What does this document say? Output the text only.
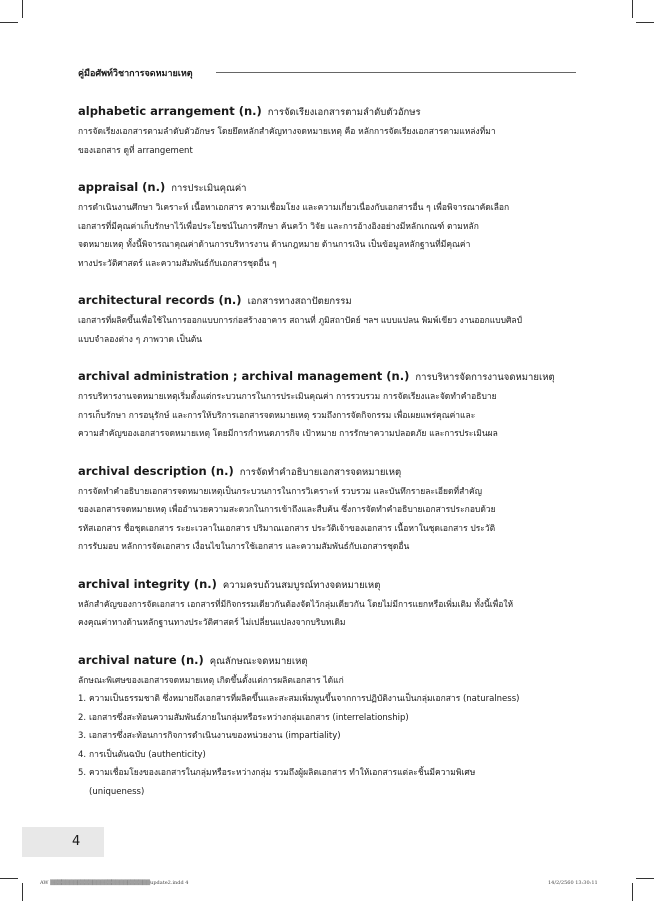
คู่มือศัพท์วิชาการจดหมายเหตุ
alphabetic arrangement (n.) การจัดเรียงเอกสารตามลำดับตัวอักษร
การจัดเรียงเอกสารตามลำดับตัวอักษร โดยยึดหลักสำคัญทางจดหมายเหตุ คือ หลักการจัดเรียงเอกสารตามแหล่งที่มา
ของเอกสาร ดูที่ arrangement
appraisal (n.) การประเมินคุณค่า
การดำเนินงานศึกษา วิเคราะห์ เนื้อหาเอกสาร ความเชื่อมโยง และความเกี่ยวเนื่องกับเอกสารอื่น ๆ เพื่อพิจารณาคัดเลือก
เอกสารที่มีคุณค่าเก็บรักษาไว้เพื่อประโยชน์ในการศึกษา ค้นคว้า วิจัย และการอ้างอิงอย่างมีหลักเกณฑ์ ตามหลัก
จดหมายเหตุ ทั้งนี้พิจารณาคุณค่าด้านการบริหารงาน ด้านกฎหมาย ด้านการเงิน เป็นข้อมูลหลักฐานที่มีคุณค่า
ทางประวัติศาสตร์ และความสัมพันธ์กับเอกสารชุดอื่น ๆ
architectural records (n.) เอกสารทางสถาปัตยกรรม
เอกสารที่ผลิตขึ้นเพื่อใช้ในการออกแบบการก่อสร้างอาคาร สถานที่ ภูมิสถาปัตย์ ฯลฯ แบบแปลน พิมพ์เขียว งานออกแบบศิลป์
แบบจำลองต่าง ๆ ภาพวาด เป็นต้น
archival administration ; archival management (n.) การบริหารจัดการงานจดหมายเหตุ
การบริหารงานจดหมายเหตุเริ่มตั้งแต่กระบวนการในการประเมินคุณค่า การรวบรวม การจัดเรียงและจัดทำคำอธิบาย
การเก็บรักษา การอนุรักษ์ และการให้บริการเอกสารจดหมายเหตุ รวมถึงการจัดกิจกรรม เพื่อเผยแพร่คุณค่าและ
ความสำคัญของเอกสารจดหมายเหตุ โดยมีการกำหนดภารกิจ เป้าหมาย การรักษาความปลอดภัย และการประเมินผล
archival description (n.) การจัดทำคำอธิบายเอกสารจดหมายเหตุ
การจัดทำคำอธิบายเอกสารจดหมายเหตุเป็นกระบวนการในการวิเคราะห์ รวบรวม และบันทึกรายละเอียดที่สำคัญ
ของเอกสารจดหมายเหตุ เพื่ออำนวยความสะดวกในการเข้าถึงและสืบค้น ซึ่งการจัดทำคำอธิบายเอกสารประกอบด้วย
รหัสเอกสาร ชื่อชุดเอกสาร ระยะเวลาในเอกสาร ปริมาณเอกสาร ประวัติเจ้าของเอกสาร เนื้อหาในชุดเอกสาร ประวัติ
การรับมอบ หลักการจัดเอกสาร เงื่อนไขในการใช้เอกสาร และความสัมพันธ์กับเอกสารชุดอื่น
archival integrity (n.) ความครบถ้วนสมบูรณ์ทางจดหมายเหตุ
หลักสำคัญของการจัดเอกสาร เอกสารที่มีกิจกรรมเดียวกันต้องจัดไว้กลุ่มเดียวกัน โดยไม่มีการแยกหรือเพิ่มเติม ทั้งนี้เพื่อให้
คงคุณค่าทางด้านหลักฐานทางประวัติศาสตร์ ไม่เปลี่ยนแปลงจากบริบทเดิม
archival nature (n.) คุณลักษณะจดหมายเหตุ
ลักษณะพิเศษของเอกสารจดหมายเหตุ เกิดขึ้นตั้งแต่การผลิตเอกสาร ได้แก่
1. ความเป็นธรรมชาติ ซึ่งหมายถึงเอกสารที่ผลิตขึ้นและสะสมเพิ่มพูนขึ้นจากการปฏิบัติงานเป็นกลุ่มเอกสาร (naturalness)
2. เอกสารซึ่งสะท้อนความสัมพันธ์ภายในกลุ่มหรือระหว่างกลุ่มเอกสาร (interrelationship)
3. เอกสารซึ่งสะท้อนการกิจการดำเนินงานของหน่วยงาน (impartiality)
4. การเป็นต้นฉบับ (authenticity)
5. ความเชื่อมโยงของเอกสารในกลุ่มหรือระหว่างกลุ่ม รวมถึงผู้ผลิตเอกสาร ทำให้เอกสารแต่ละชิ้นมีความพิเศษ
(uniqueness)
4
AW ▒▒▒▒▒▒▒▒▒▒▒▒▒▒▒▒▒▒▒▒▒▒▒▒▒▒update2.indd 4	14/2/2560 13:30:11
